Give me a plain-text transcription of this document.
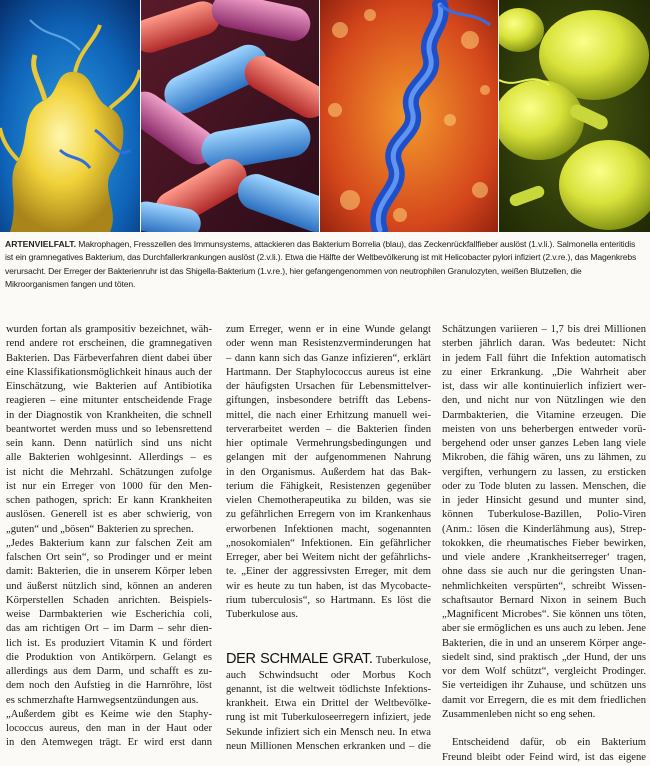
ARTENVIELFALT. Makrophagen, Fresszellen des Immunsystems, attackieren das Bakterium Borrelia (blau), das Zeckenrückfallfieber auslöst (1.v.li.). Salmonella enteritidis ist ein gramnegatives Bakterium, das Durchfallerkrankungen auslöst (2.v.li.). Etwa die Hälfte der Weltbevölkerung ist mit Helicobacter pylori infiziert (2.v.re.), das Magenkrebs verursacht. Der Erreger der Bakterienruhr ist das Shigella-Bakterium (1.v.re.), hier gefangengenommen von neutrophilen Granulozyten, weißen Blutzellen, die Mikroorganismen fangen und töten.
wurden fortan als grampositiv bezeichnet, wäh-
rend andere rot erscheinen, die gramnegativen
Bakterien. Das Färbeverfahren dient dabei über
eine Klassifikationsmöglichkeit hinaus auch der
Einschätzung, wie Bakterien auf Antibiotika
reagieren – eine mitunter entscheidende Frage
in der Diagnostik von Krankheiten, die schnell
beantwortet werden muss und so lebensrettend
sein kann. Denn natürlich sind uns nicht
alle Bakterien wohlgesinnt. Allerdings – es
ist nicht die Mehrzahl. Schätzungen zufolge
ist nur ein Erreger von 1000 für den Men-
schen pathogen, sprich: Er kann Krankheiten
auslösen. Generell ist es aber schwierig, von
„guten“ und „bösen“ Bakterien zu sprechen.
„Jedes Bakterium kann zur falschen Zeit am
falschen Ort sein“, so Prodinger und er meint
damit: Bakterien, die in unserem Körper leben
und äußerst nützlich sind, können an anderen
Körperstellen Schaden anrichten. Beispiels-
weise Darmbakterien wie Escherichia coli,
das am richtigen Ort – im Darm – sehr dien-
lich ist. Es produziert Vitamin K und fördert
die Produktion von Antikörpern. Gelangt es
allerdings aus dem Darm, und schafft es zu-
dem noch den Aufstieg in die Harnröhre, löst
es schmerzhafte Harnwegsentzündungen aus.
„Außerdem gibt es Keime wie den Staphy-
lococcus aureus, den man in der Haut oder
in den Atemwegen trägt. Er wird erst dann
zum Erreger, wenn er in eine Wunde gelangt
oder wenn man Resistenzverminderungen hat
– dann kann sich das Ganze infizieren“, erklärt
Hartmann. Der Staphylococcus aureus ist eine
der häufigsten Ursachen für Lebensmittelver-
giftungen, insbesondere betrifft das Lebens-
mittel, die nach einer Erhitzung manuell wei-
terverarbeitet werden – die Bakterien finden
hier optimale Vermehrungsbedingungen und
gelangen mit der aufgenommenen Nahrung
in den Organismus. Außerdem hat das Bak-
terium die Fähigkeit, Resistenzen gegenüber
vielen Chemotherapeutika zu bilden, was sie
zu gefährlichen Erregern von im Krankenhaus
erworbenen Infektionen macht, sogenannten
„nosokomialen“ Infektionen. Ein gefährlicher
Erreger, aber bei Weitem nicht der gefährlichs-
te. „Einer der aggressivsten Erreger, mit dem
wir es heute zu tun haben, ist das Mycobacte-
rium tuberculosis“, so Hartmann. Es löst die
Tuberkulose aus.
DER SCHMALE GRAT. Tuberkulose,
auch Schwindsucht oder Morbus Koch
genannt, ist die weltweit tödlichste Infektions-
krankheit. Etwa ein Drittel der Weltbevölke-
rung ist mit Tuberkuloseerregern infiziert, jede
Sekunde infiziert sich ein Mensch neu. In etwa
neun Millionen Menschen erkranken und – die
Schätzungen variieren – 1,7 bis drei Millionen
sterben jährlich daran. Was bedeutet: Nicht
in jedem Fall führt die Infektion automatisch
zu einer Erkrankung. „Die Wahrheit aber
ist, dass wir alle kontinuierlich infiziert wer-
den, und nicht nur von Nützlingen wie den
Darmbakterien, die Vitamine erzeugen. Die
meisten von uns beherbergen entweder vorü-
bergehend oder unser ganzes Leben lang viele
Mikroben, die fähig wären, uns zu lähmen, zu
vergiften, verhungern zu lassen, zu ersticken
oder zu Tode bluten zu lassen. Menschen, die
in jeder Hinsicht gesund und munter sind,
können Tuberkulose-Bazillen, Polio-Viren
(Anm.: lösen die Kinderlähmung aus), Strep-
tokokken, die rheumatisches Fieber bewirken,
und viele andere ‚Krankheitserreger‘ tragen,
ohne dass sie auch nur die geringsten Unan-
nehmlichkeiten verspürten“, schreibt Wissen-
schaftsautor Bernard Nixon in seinem Buch
„Magnificent Microbes“. Sie können uns töten,
aber sie ermöglichen es uns auch zu leben. Jene
Bakterien, die in und an unserem Körper ange-
siedelt sind, sind praktisch „der Hund, der uns
vor dem Wolf schützt“, vergleicht Prodinger.
Sie verteidigen ihr Zuhause, und schützen uns
damit vor Erregern, die es mit dem friedlichen
Zusammenleben nicht so eng sehen.
Entscheidend dafür, ob ein Bakterium
Freund bleibt oder Feind wird, ist das eigene
